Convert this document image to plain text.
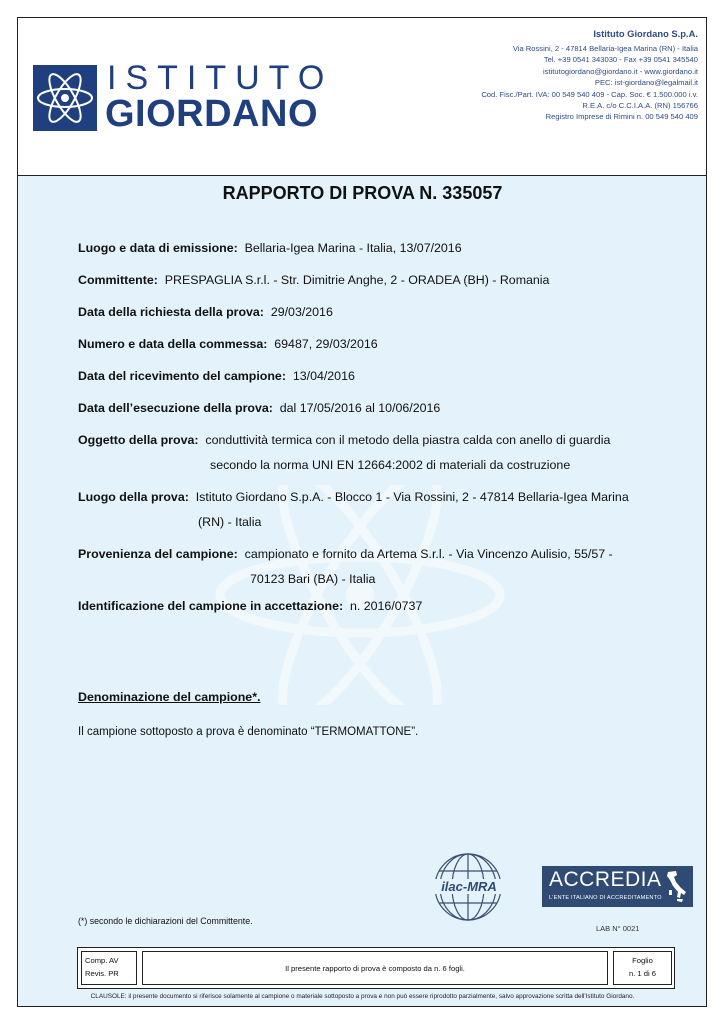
ISTITUTO
GIORDANO
Istituto Giordano S.p.A.
Via Rossini, 2 - 47814 Bellaria-Igea Marina (RN) - Italia
Tel. +39 0541 343030 - Fax +39 0541 345540
istitutogiordano@giordano.it - www.giordano.it
PEC: ist-giordano@legalmail.it
Cod. Fisc./Part. IVA: 00 549 540 409 - Cap. Soc. € 1.500.000 i.v.
R.E.A. c/o C.C.I.A.A. (RN) 156766
Registro Imprese di Rimini n. 00 549 540 409
RAPPORTO DI PROVA N. 335057
Luogo e data di emissione: Bellaria-Igea Marina - Italia, 13/07/2016
Committente: PRESPAGLIA S.r.l. - Str. Dimitrie Anghe, 2 - ORADEA (BH) - Romania
Data della richiesta della prova: 29/03/2016
Numero e data della commessa: 69487, 29/03/2016
Data del ricevimento del campione: 13/04/2016
Data dell’esecuzione della prova: dal 17/05/2016 al 10/06/2016
Oggetto della prova: conduttività termica con il metodo della piastra calda con anello di guardia
secondo la norma UNI EN 12664:2002 di materiali da costruzione
Luogo della prova: Istituto Giordano S.p.A. - Blocco 1 - Via Rossini, 2 - 47814 Bellaria-Igea Marina
(RN) - Italia
Provenienza del campione: campionato e fornito da Artema S.r.l. - Via Vincenzo Aulisio, 55/57 -
70123 Bari (BA) - Italia
Identificazione del campione in accettazione: n. 2016/0737
Denominazione del campione*.
Il campione sottoposto a prova è denominato “TERMOMATTONE”.
ilac-MRA	ACCREDIA
L'ENTE ITALIANO DI ACCREDITAMENTO
LAB N° 0021
(*) secondo le dichiarazioni del Committente.
Comp. AV
Revis. PR
Il presente rapporto di prova è composto da n. 6 fogli.
Foglio
n. 1 di 6
CLAUSOLE: il presente documento si riferisce solamente al campione o materiale sottoposto a prova e non può essere riprodotto parzialmente, salvo approvazione scritta dell'Istituto Giordano.
